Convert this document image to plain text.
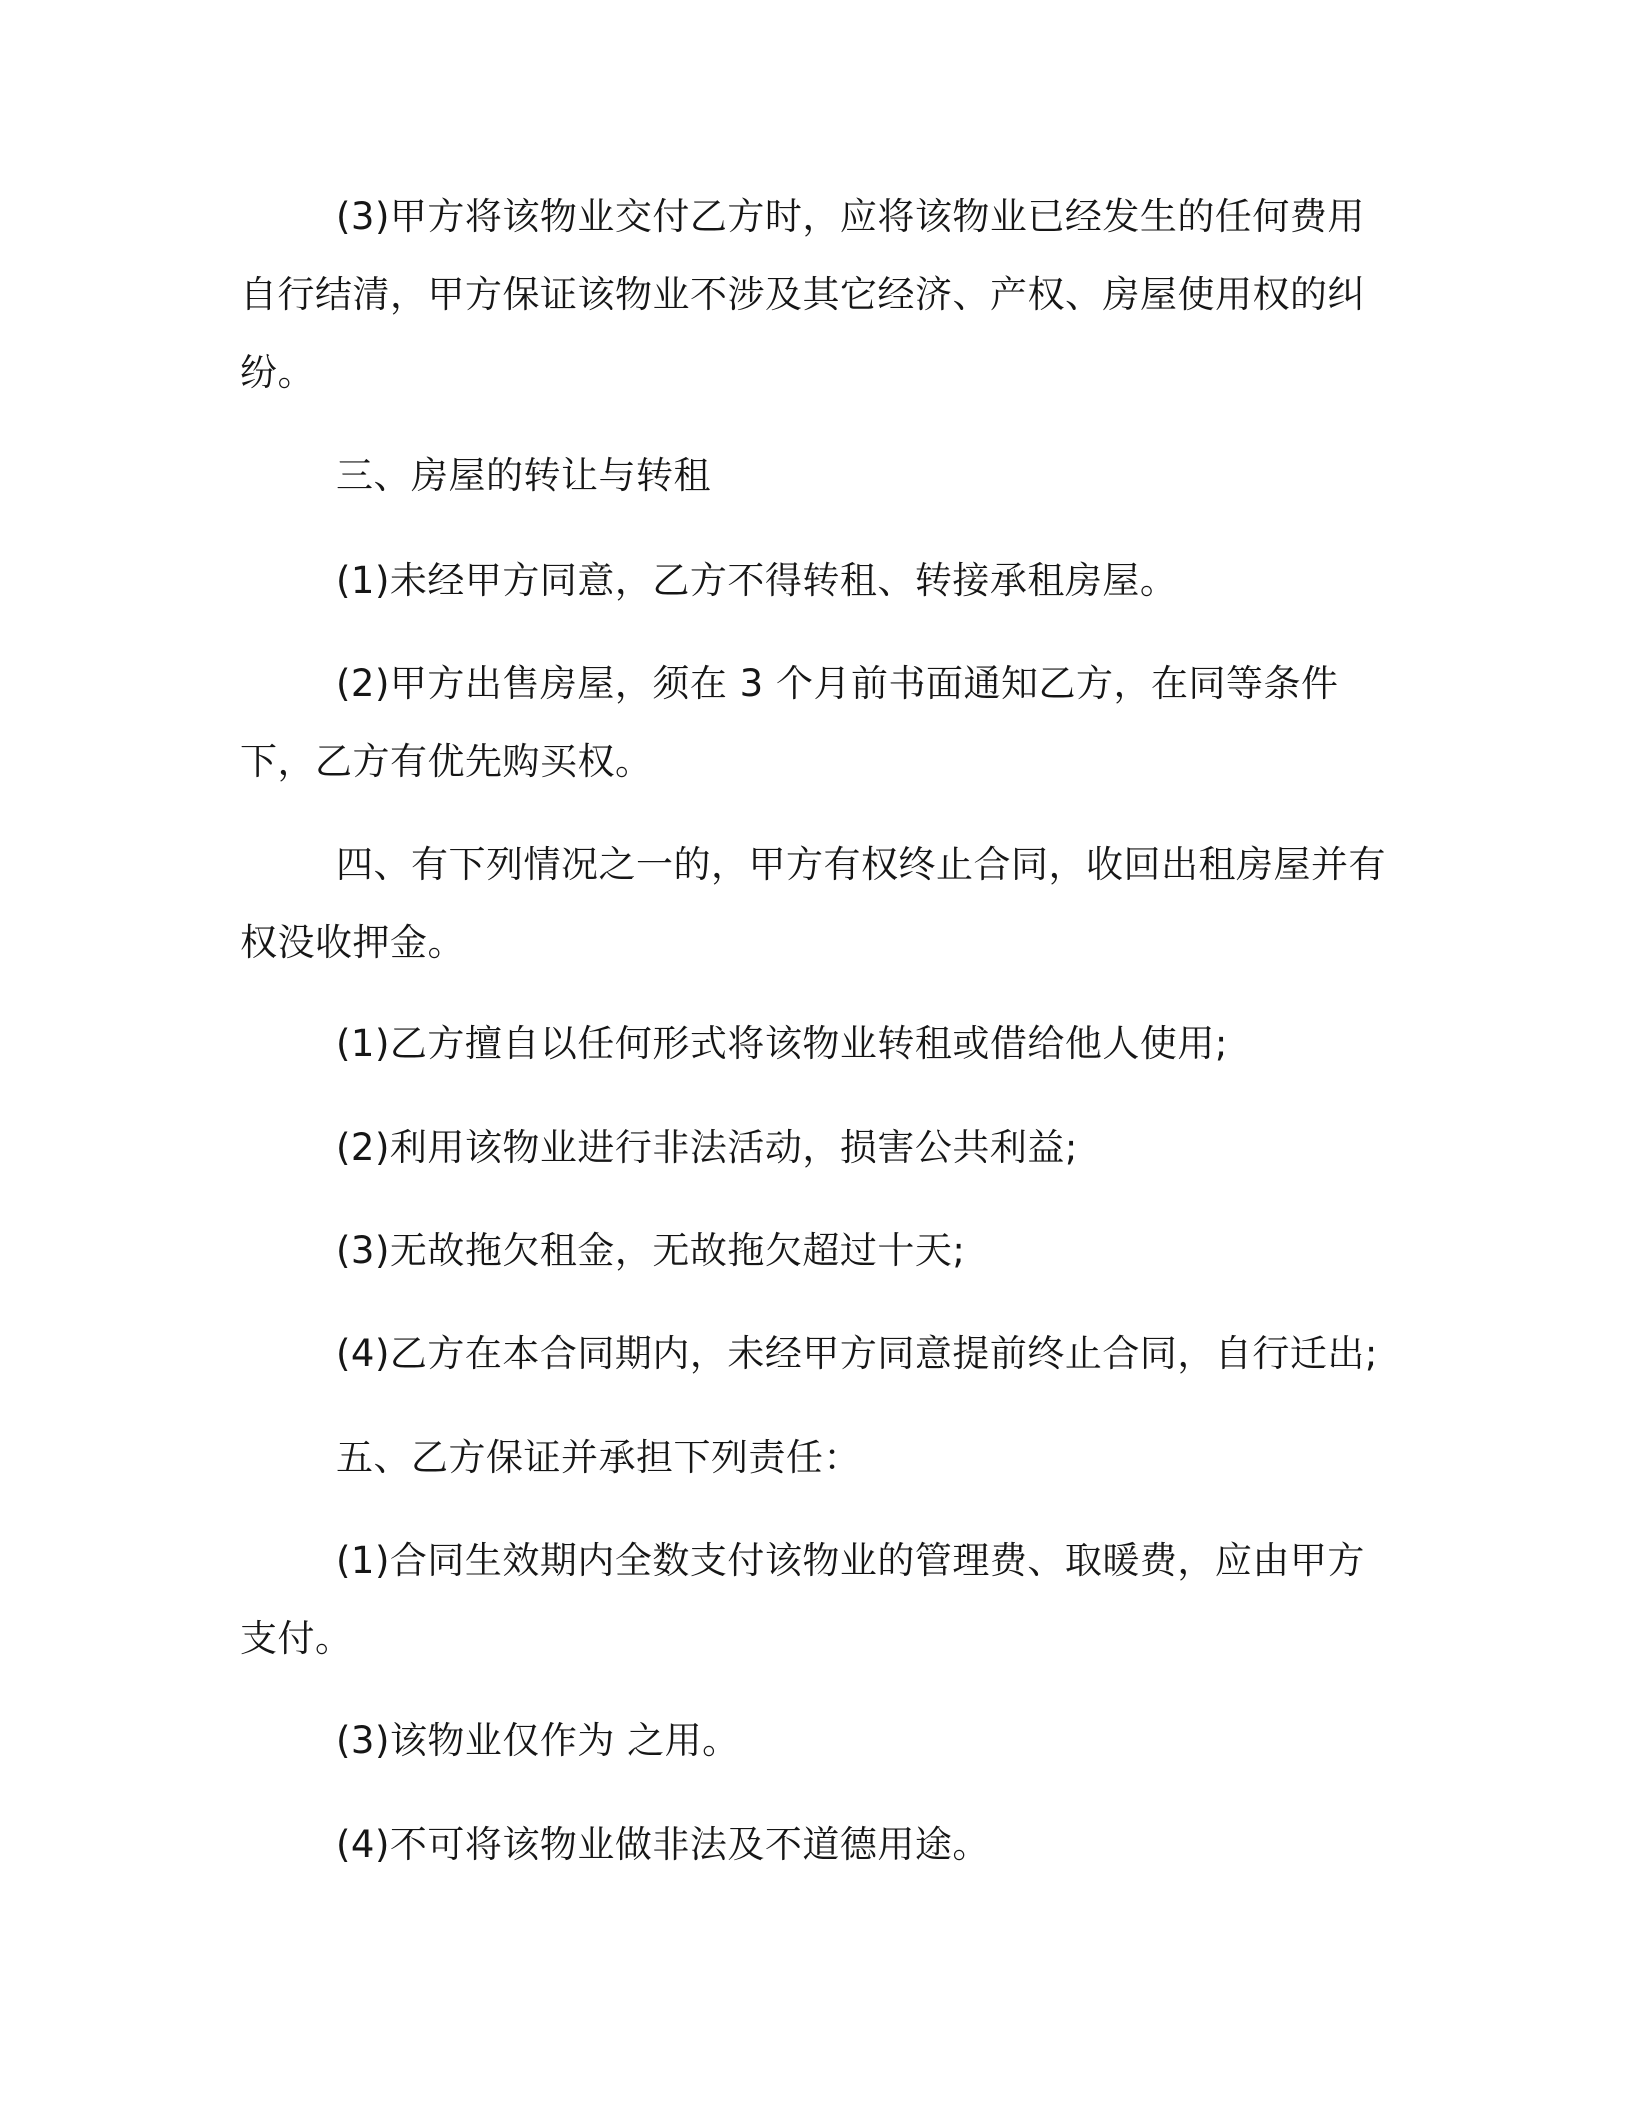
(3)甲方将该物业交付乙方时，应将该物业已经发生的任何费用自行结清，甲方保证该物业不涉及其它经济、产权、房屋使用权的纠纷。

三、房屋的转让与转租

(1)未经甲方同意，乙方不得转租、转接承租房屋。

(2)甲方出售房屋，须在 3 个月前书面通知乙方，在同等条件下，乙方有优先购买权。

四、有下列情况之一的，甲方有权终止合同，收回出租房屋并有权没收押金。

(1)乙方擅自以任何形式将该物业转租或借给他人使用;

(2)利用该物业进行非法活动，损害公共利益;

(3)无故拖欠租金，无故拖欠超过十天;

(4)乙方在本合同期内，未经甲方同意提前终止合同，自行迁出;

五、乙方保证并承担下列责任：

(1)合同生效期内全数支付该物业的管理费、取暖费，应由甲方支付。

(3)该物业仅作为 之用。

(4)不可将该物业做非法及不道德用途。
